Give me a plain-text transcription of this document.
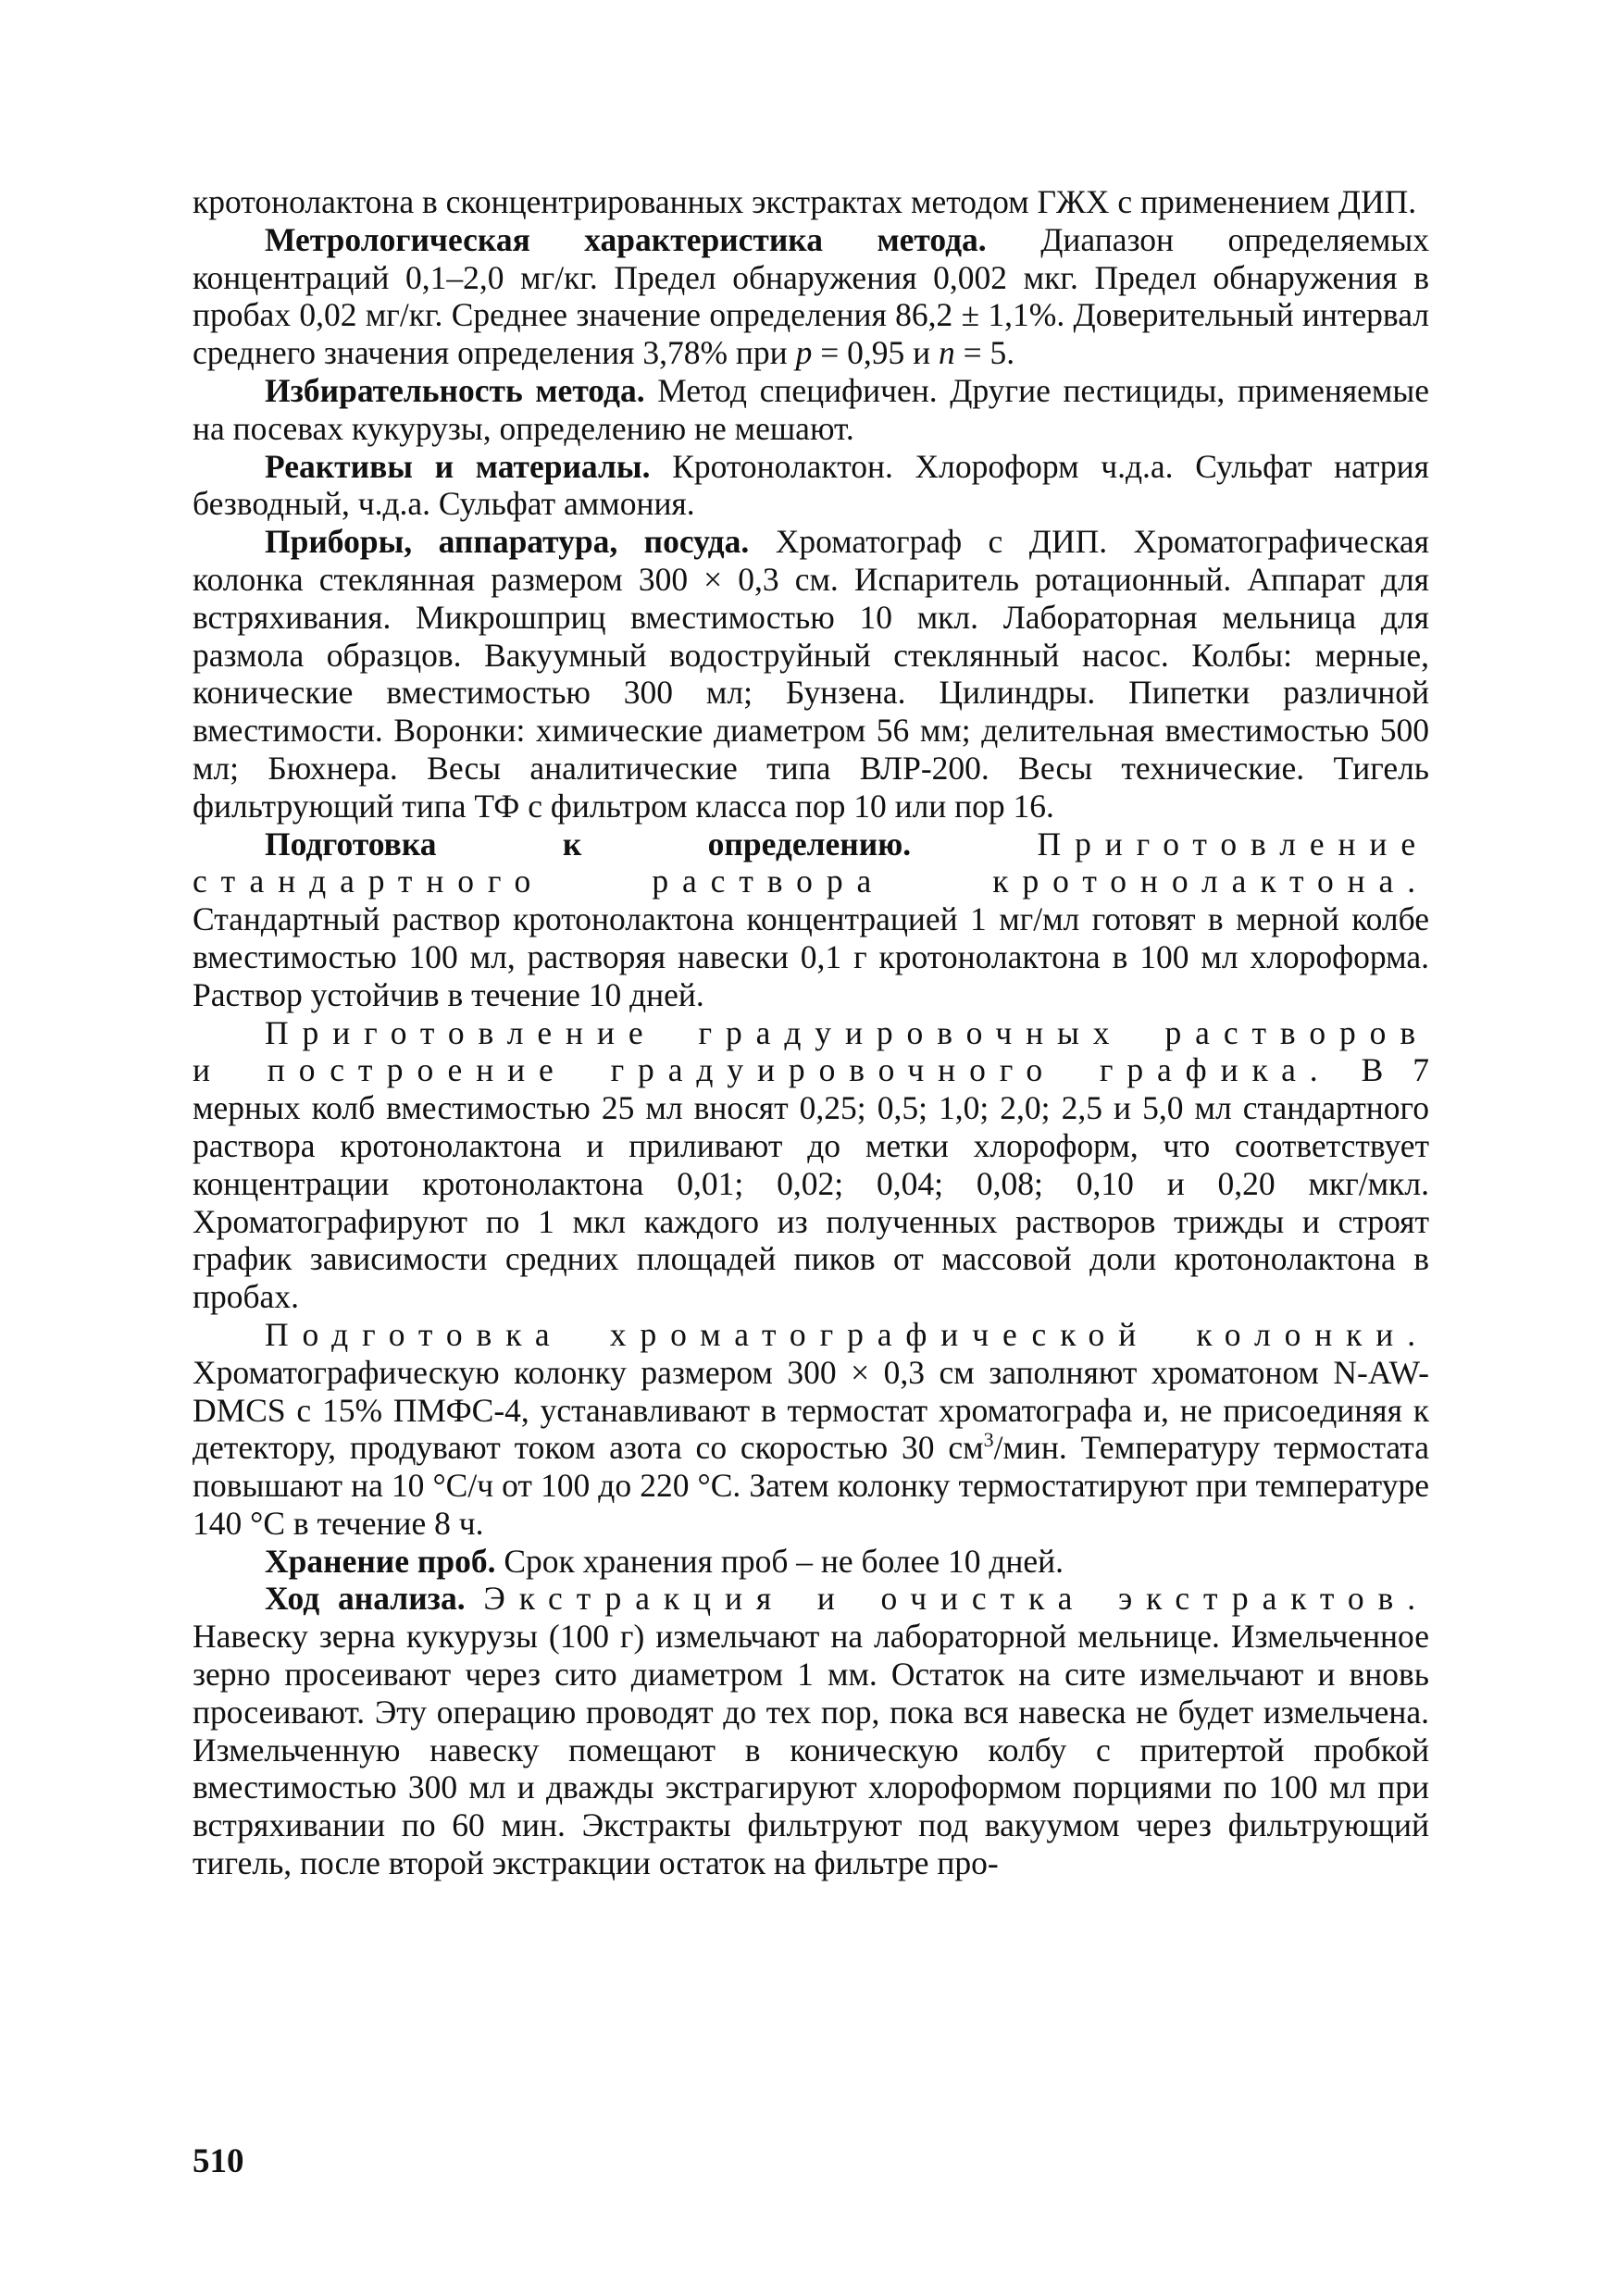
кротонолактона в сконцентрированных экстрактах методом ГЖХ с применением ДИП.

Метрологическая характеристика метода. Диапазон определяемых концентраций 0,1–2,0 мг/кг. Предел обнаружения 0,002 мкг. Предел обнаружения в пробах 0,02 мг/кг. Среднее значение определения 86,2 ± 1,1%. Доверительный интервал среднего значения определения 3,78% при p = 0,95 и n = 5.

Избирательность метода. Метод специфичен. Другие пестициды, применяемые на посевах кукурузы, определению не мешают.

Реактивы и материалы. Кротонолактон. Хлороформ ч.д.а. Сульфат натрия безводный, ч.д.а. Сульфат аммония.

Приборы, аппаратура, посуда. Хроматограф с ДИП. Хроматографическая колонка стеклянная размером 300 × 0,3 см. Испаритель ротационный. Аппарат для встряхивания. Микрошприц вместимостью 10 мкл. Лабораторная мельница для размола образцов. Вакуумный водоструйный стеклянный насос. Колбы: мерные, конические вместимостью 300 мл; Бунзена. Цилиндры. Пипетки различной вместимости. Воронки: химические диаметром 56 мм; делительная вместимостью 500 мл; Бюхнера. Весы аналитические типа ВЛР-200. Весы технические. Тигель фильтрующий типа ТФ с фильтром класса пор 10 или пор 16.

Подготовка к определению.	Приготовление стандартного раствора кротонолактона. Стандартный раствор кротонолактона концентрацией 1 мг/мл готовят в мерной колбе вместимостью 100 мл, растворяя навески 0,1 г кротонолактона в 100 мл хлороформа. Раствор устойчив в течение 10 дней.

Приготовление градуировочных растворов и построение градуировочного графика. В 7 мерных колб вместимостью 25 мл вносят 0,25; 0,5; 1,0; 2,0; 2,5 и 5,0 мл стандартного раствора кротонолактона и приливают до метки хлороформ, что соответствует концентрации кротонолактона 0,01; 0,02; 0,04; 0,08; 0,10 и 0,20 мкг/мкл. Хроматографируют по 1 мкл каждого из полученных растворов трижды и строят график зависимости средних площадей пиков от массовой доли кротонолактона в пробах.

Подготовка хроматографической колонки. Хроматографическую колонку размером 300 × 0,3 см заполняют хроматоном N-AW-DMCS с 15% ПМФС-4, устанавливают в термостат хроматографа и, не присоединяя к детектору, продувают током азота со скоростью 30 $см^3$/мин. Температуру термостата повышают на 10 °С/ч от 100 до 220 °С. Затем колонку термостатируют при температуре 140 °С в течение 8 ч.

Хранение проб. Срок хранения проб – не более 10 дней.

Ход анализа. Экстракция и очистка экстрактов. Навеску зерна кукурузы (100 г) измельчают на лабораторной мельнице. Измельченное зерно просеивают через сито диаметром 1 мм. Остаток на сите измельчают и вновь просеивают. Эту операцию проводят до тех пор, пока вся навеска не будет измельчена. Измельченную навеску помещают в коническую колбу с притертой пробкой вместимостью 300 мл и дважды экстрагируют хлороформом порциями по 100 мл при встряхивании по 60 мин. Экстракты фильтруют под вакуумом через фильтрующий тигель, после второй экстракции остаток на фильтре про-

510
